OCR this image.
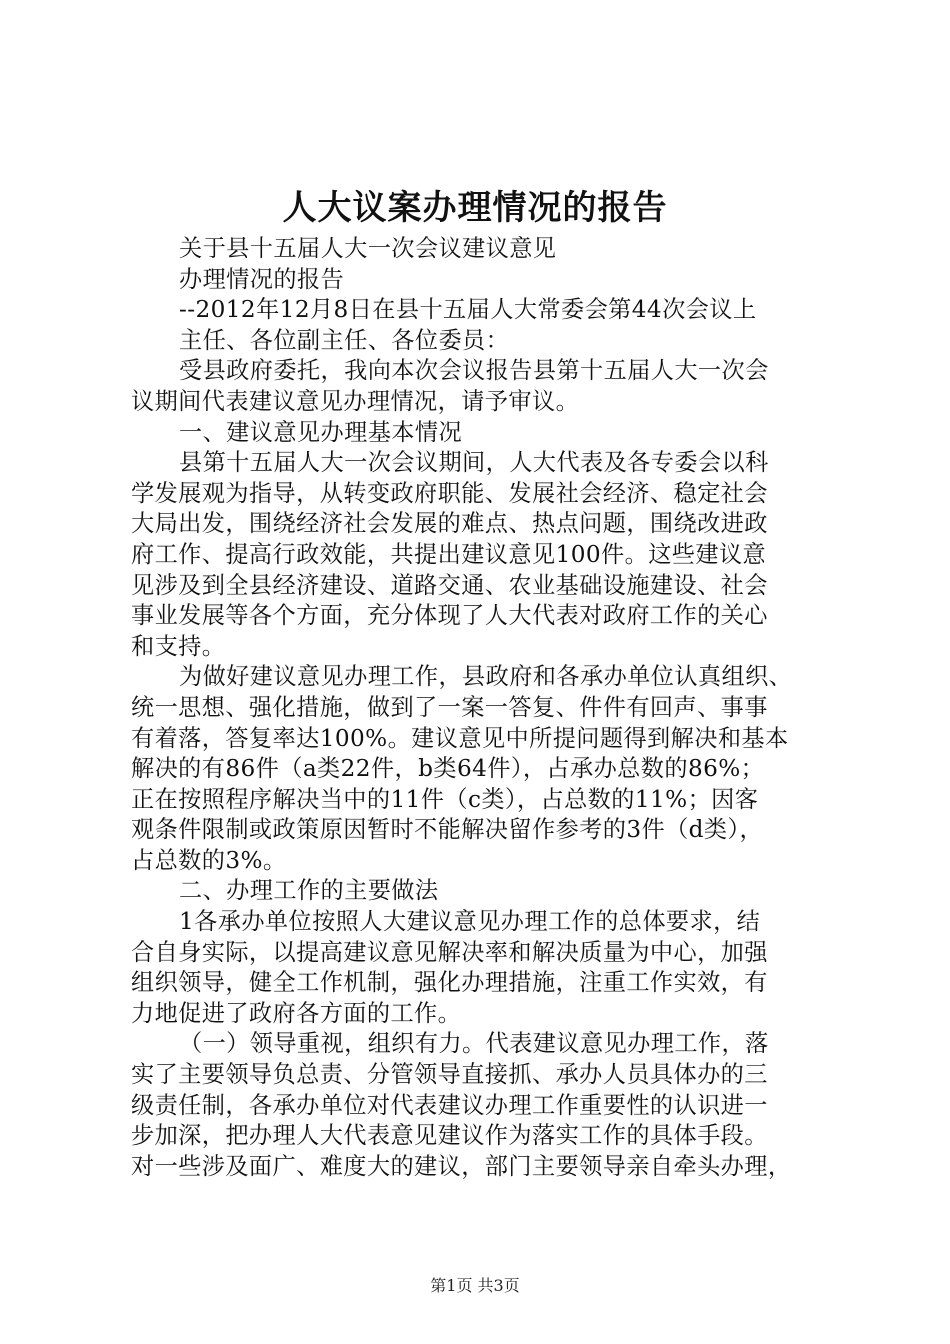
人大议案办理情况的报告
关于县十五届人大一次会议建议意见
办理情况的报告
--2012年12月8日在县十五届人大常委会第44次会议上
主任、各位副主任、各位委员：
受县政府委托，我向本次会议报告县第十五届人大一次会
议期间代表建议意见办理情况，请予审议。
一、建议意见办理基本情况
县第十五届人大一次会议期间，人大代表及各专委会以科
学发展观为指导，从转变政府职能、发展社会经济、稳定社会
大局出发，围绕经济社会发展的难点、热点问题，围绕改进政
府工作、提高行政效能，共提出建议意见100件。这些建议意
见涉及到全县经济建设、道路交通、农业基础设施建设、社会
事业发展等各个方面，充分体现了人大代表对政府工作的关心
和支持。
为做好建议意见办理工作，县政府和各承办单位认真组织、
统一思想、强化措施，做到了一案一答复、件件有回声、事事
有着落，答复率达100%。建议意见中所提问题得到解决和基本
解决的有86件（a类22件，b类64件），占承办总数的86%；
正在按照程序解决当中的11件（c类），占总数的11%；因客
观条件限制或政策原因暂时不能解决留作参考的3件（d类），
占总数的3%。
二、办理工作的主要做法
1各承办单位按照人大建议意见办理工作的总体要求，结
合自身实际，以提高建议意见解决率和解决质量为中心，加强
组织领导，健全工作机制，强化办理措施，注重工作实效，有
力地促进了政府各方面的工作。
（一）领导重视，组织有力。代表建议意见办理工作，落
实了主要领导负总责、分管领导直接抓、承办人员具体办的三
级责任制，各承办单位对代表建议办理工作重要性的认识进一
步加深，把办理人大代表意见建议作为落实工作的具体手段。
对一些涉及面广、难度大的建议，部门主要领导亲自牵头办理，
第1页 共3页
